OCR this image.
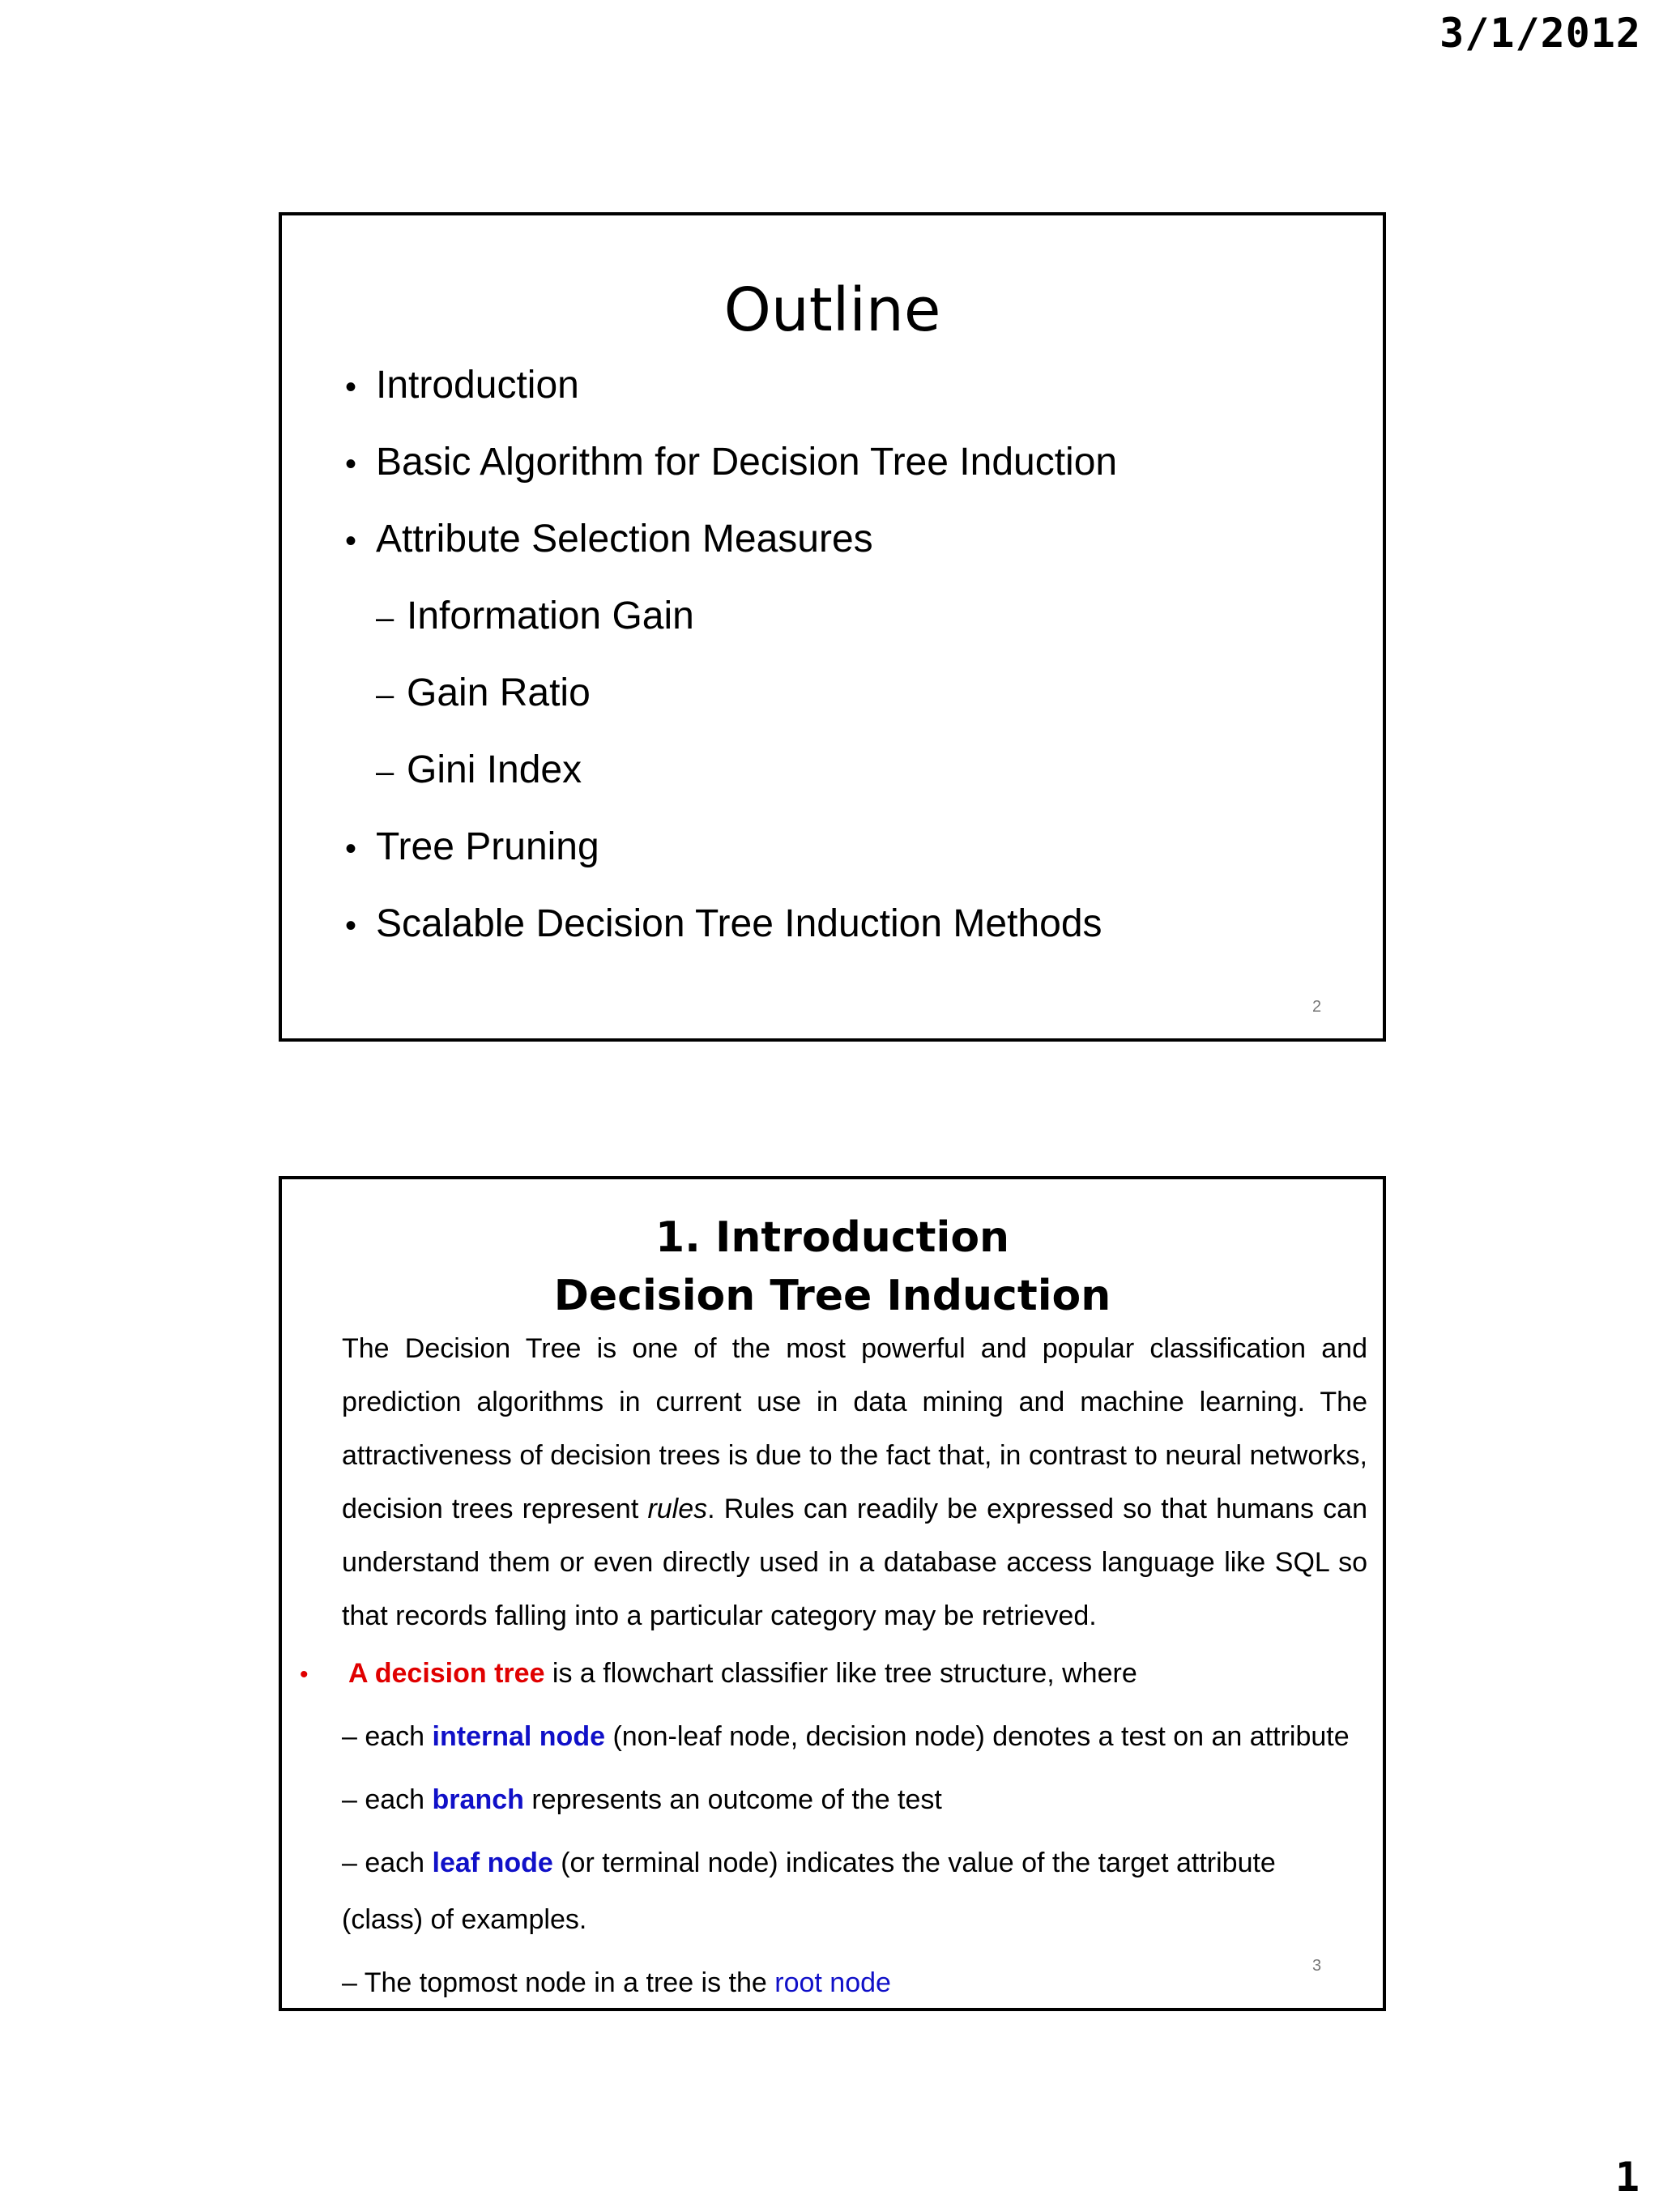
3/1/2012
Outline
• Introduction
• Basic Algorithm for Decision Tree Induction
• Attribute Selection Measures
– Information Gain
– Gain Ratio
– Gini Index
• Tree Pruning
• Scalable Decision Tree Induction Methods
2
1. Introduction
Decision Tree Induction

The Decision Tree is one of the most powerful and popular classification and prediction algorithms in current use in data mining and machine learning. The attractiveness of decision trees is due to the fact that, in contrast to neural networks, decision trees represent rules. Rules can readily be expressed so that humans can understand them or even directly used in a database access language like SQL so that records falling into a particular category may be retrieved.

• A decision tree is a flowchart classifier like tree structure, where
– each internal node (non-leaf node, decision node) denotes a test on an attribute
– each branch represents an outcome of the test
– each leaf node (or terminal node) indicates the value of the target attribute
(class) of examples.
– The topmost node in a tree is the root node
3
1
